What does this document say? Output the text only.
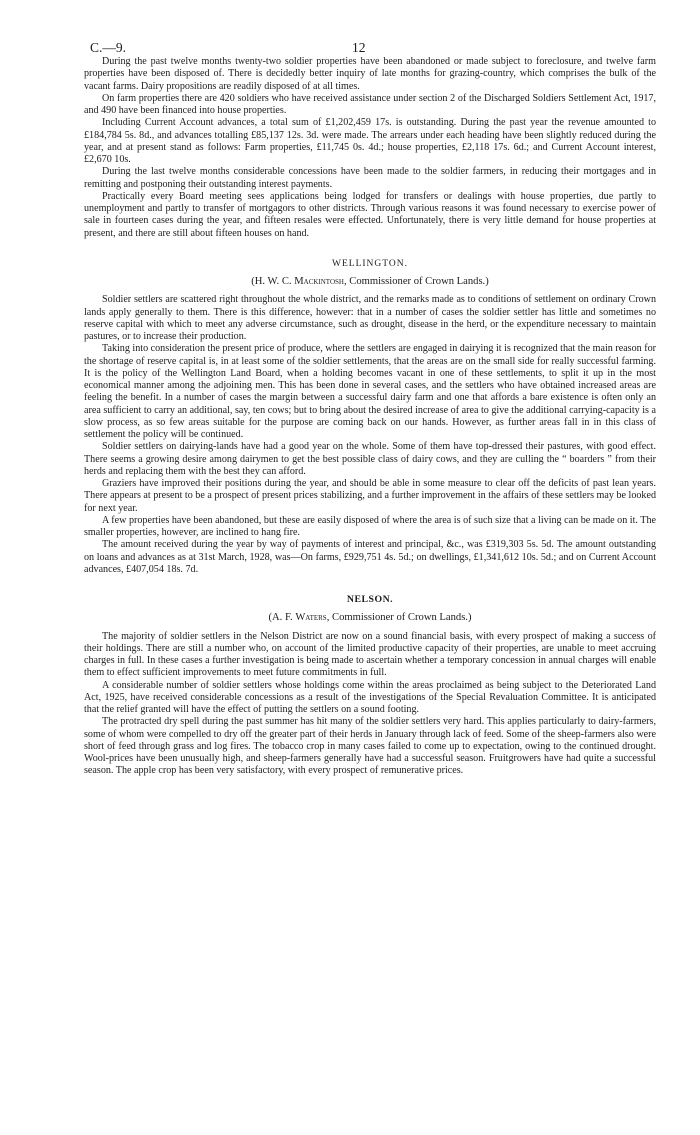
C.—9.	12

During the past twelve months twenty-two soldier properties have been abandoned or made subject to foreclosure, and twelve farm properties have been disposed of. There is decidedly better inquiry of late months for grazing-country, which comprises the bulk of the vacant farms. Dairy propositions are readily disposed of at all times.

On farm properties there are 420 soldiers who have received assistance under section 2 of the Discharged Soldiers Settlement Act, 1917, and 490 have been financed into house properties.

Including Current Account advances, a total sum of £1,202,459 17s. is outstanding. During the past year the revenue amounted to £184,784 5s. 8d., and advances totalling £85,137 12s. 3d. were made. The arrears under each heading have been slightly reduced during the year, and at present stand as follows: Farm properties, £11,745 0s. 4d.; house properties, £2,118 17s. 6d.; and Current Account interest, £2,670 10s.

During the last twelve months considerable concessions have been made to the soldier farmers, in reducing their mortgages and in remitting and postponing their outstanding interest payments.

Practically every Board meeting sees applications being lodged for transfers or dealings with house properties, due partly to unemployment and partly to transfer of mortgagors to other districts. Through various reasons it was found necessary to exercise power of sale in fourteen cases during the year, and fifteen resales were effected. Unfortunately, there is very little demand for house properties at present, and there are still about fifteen houses on hand.

WELLINGTON.

(H. W. C. Mackintosh, Commissioner of Crown Lands.)

Soldier settlers are scattered right throughout the whole district, and the remarks made as to conditions of settlement on ordinary Crown lands apply generally to them. There is this difference, however: that in a number of cases the soldier settler has little and sometimes no reserve capital with which to meet any adverse circumstance, such as drought, disease in the herd, or the expenditure necessary to maintain pastures, or to increase their production.

Taking into consideration the present price of produce, where the settlers are engaged in dairying it is recognized that the main reason for the shortage of reserve capital is, in at least some of the soldier settlements, that the areas are on the small side for really successful farming. It is the policy of the Wellington Land Board, when a holding becomes vacant in one of these settlements, to split it up in the most economical manner among the adjoining men. This has been done in several cases, and the settlers who have obtained increased areas are feeling the benefit. In a number of cases the margin between a successful dairy farm and one that affords a bare existence is often only an area sufficient to carry an additional, say, ten cows; but to bring about the desired increase of area to give the additional carrying-capacity is a slow process, as so few areas suitable for the purpose are coming back on our hands. However, as further areas fall in in this class of settlement the policy will be continued.

Soldier settlers on dairying-lands have had a good year on the whole. Some of them have top-dressed their pastures, with good effect. There seems a growing desire among dairymen to get the best possible class of dairy cows, and they are culling the “ boarders ” from their herds and replacing them with the best they can afford.

Graziers have improved their positions during the year, and should be able in some measure to clear off the deficits of past lean years. There appears at present to be a prospect of present prices stabilizing, and a further improvement in the affairs of these settlers may be looked for next year.

A few properties have been abandoned, but these are easily disposed of where the area is of such size that a living can be made on it. The smaller properties, however, are inclined to hang fire.

The amount received during the year by way of payments of interest and principal, &c., was £319,303 5s. 5d. The amount outstanding on loans and advances as at 31st March, 1928, was—On farms, £929,751 4s. 5d.; on dwellings, £1,341,612 10s. 5d.; and on Current Account advances, £407,054 18s. 7d.

NELSON.

(A. F. Waters, Commissioner of Crown Lands.)

The majority of soldier settlers in the Nelson District are now on a sound financial basis, with every prospect of making a success of their holdings. There are still a number who, on account of the limited productive capacity of their properties, are unable to meet accruing charges in full. In these cases a further investigation is being made to ascertain whether a temporary concession in annual charges will enable them to effect sufficient improvements to meet future commitments in full.

A considerable number of soldier settlers whose holdings come within the areas proclaimed as being subject to the Deteriorated Land Act, 1925, have received considerable concessions as a result of the investigations of the Special Revaluation Committee. It is anticipated that the relief granted will have the effect of putting the settlers on a sound footing.

The protracted dry spell during the past summer has hit many of the soldier settlers very hard. This applies particularly to dairy-farmers, some of whom were compelled to dry off the greater part of their herds in January through lack of feed. Some of the sheep-farmers also were short of feed through grass and log fires. The tobacco crop in many cases failed to come up to expectation, owing to the continued drought. Wool-prices have been unusually high, and sheep-farmers generally have had a successful season. Fruitgrowers have had quite a successful season. The apple crop has been very satisfactory, with every prospect of remunerative prices.
